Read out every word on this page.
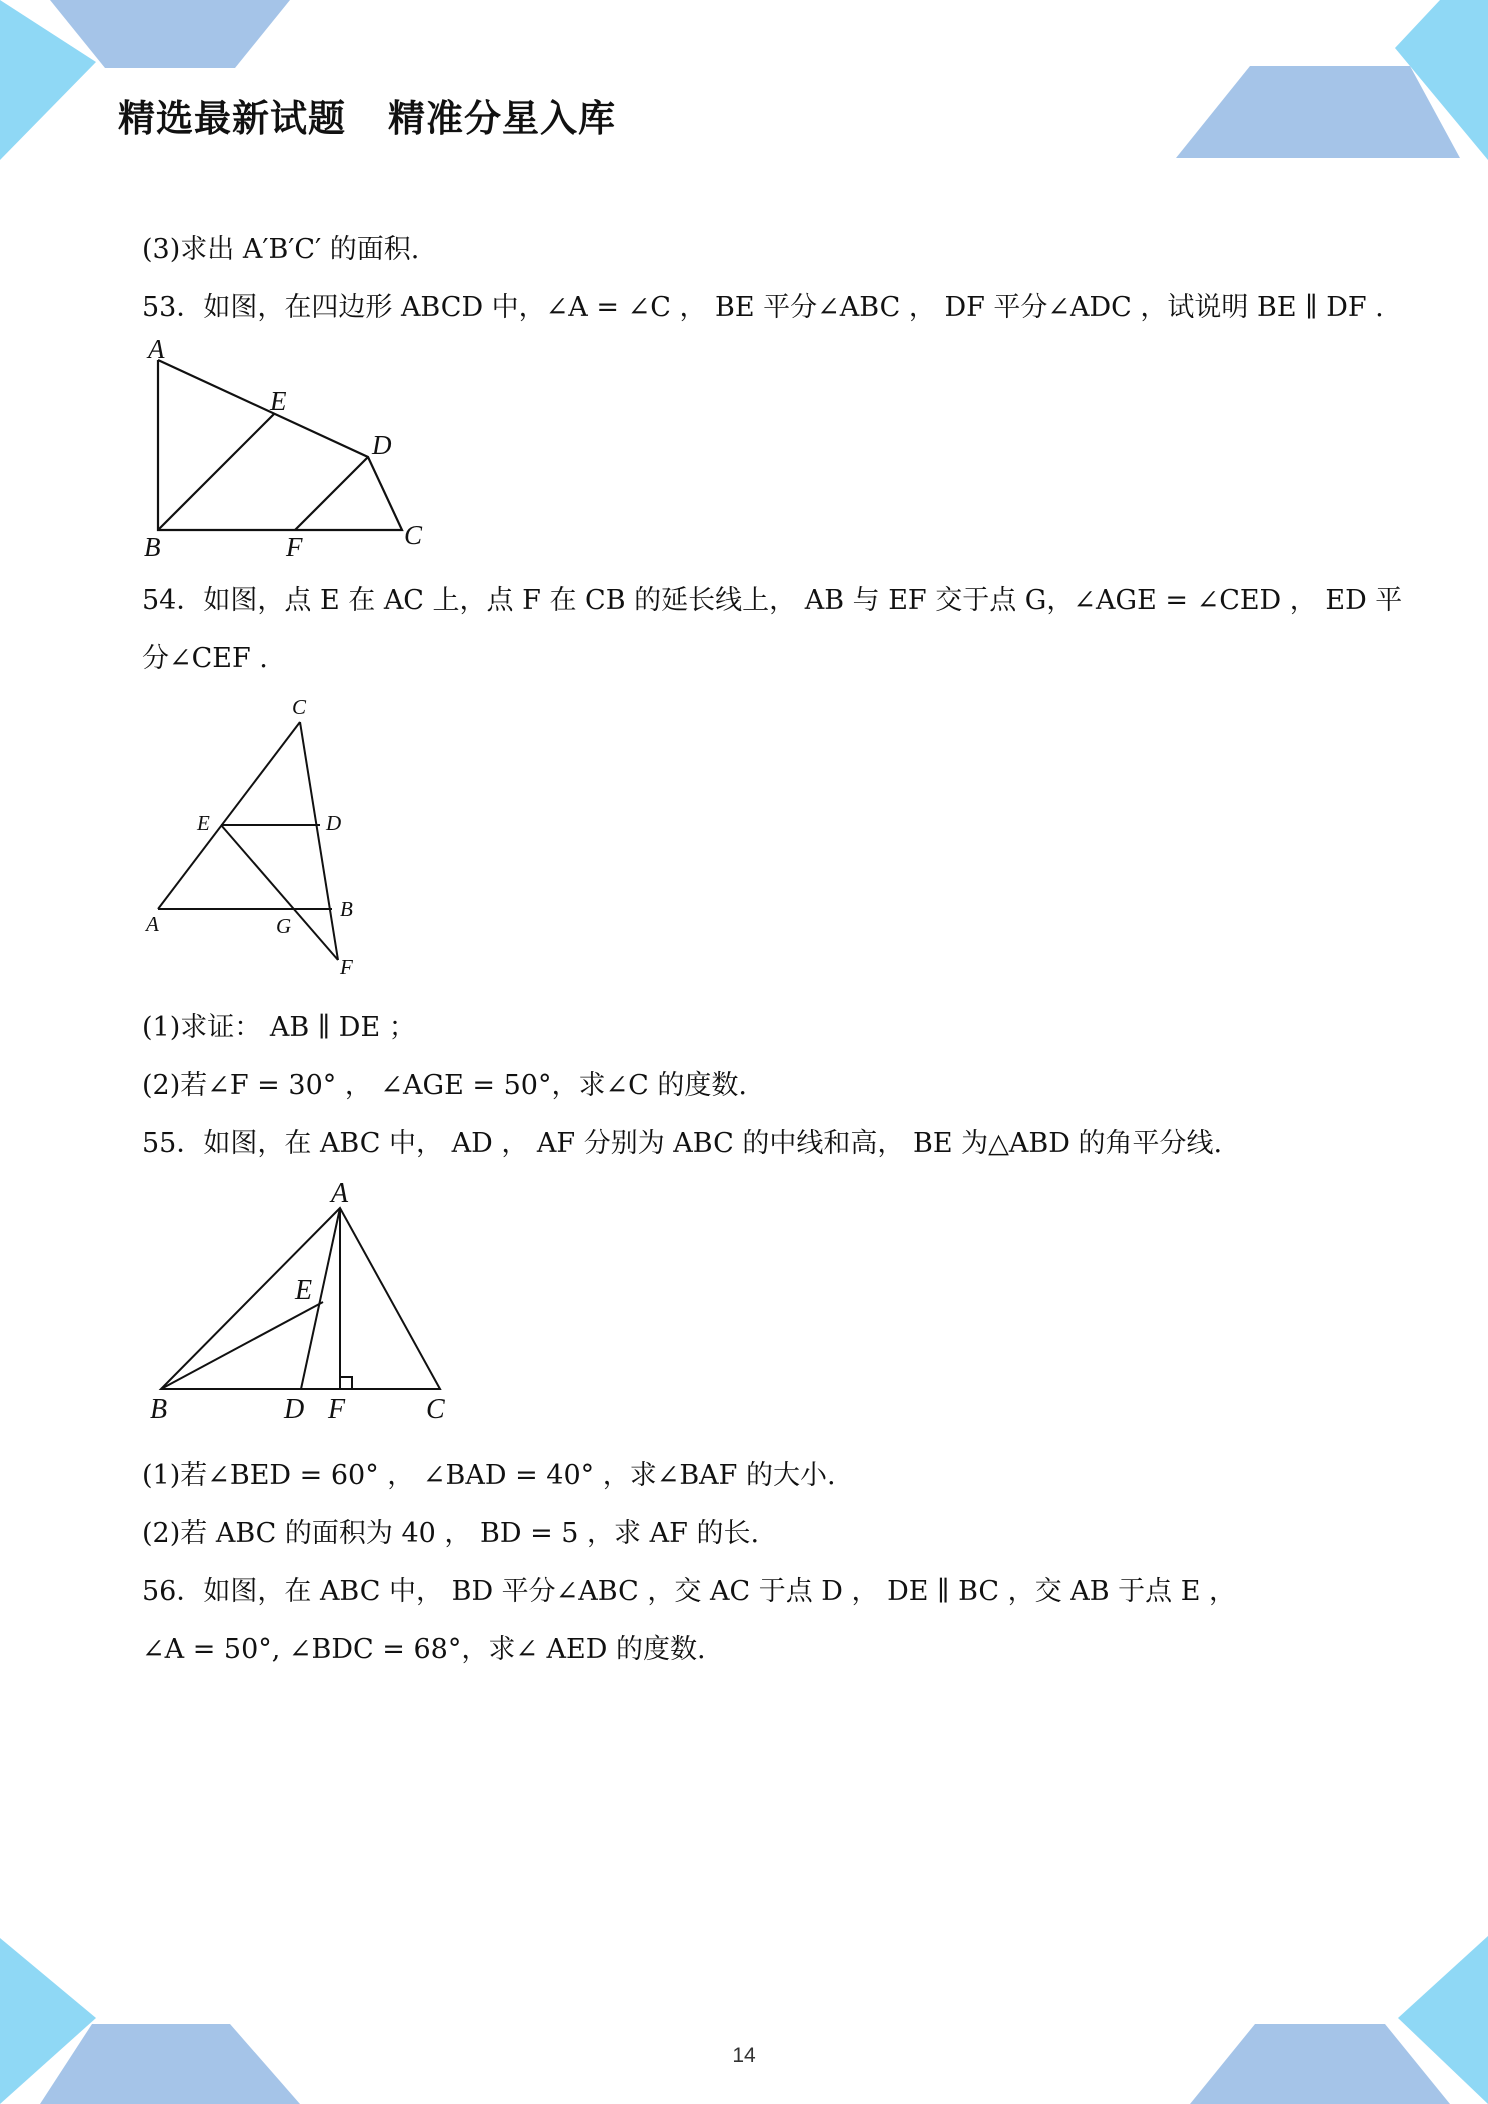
精选最新试题 精准分星入库
(3)求出 A′B′C′ 的面积.
53．如图，在四边形 ABCD 中，∠A = ∠C ， BE 平分∠ABC ， DF 平分∠ADC ，试说明 BE ∥ DF .
A
E
D
B	F	C
54．如图，点 E 在 AC 上，点 F 在 CB 的延长线上， AB 与 EF 交于点 G，∠AGE = ∠CED ， ED 平
分∠CEF .
C
E	D
A	G
B
F
(1)求证： AB ∥ DE ；
(2)若∠F = 30° ， ∠AGE = 50°，求∠C 的度数.
55．如图，在 ABC 中， AD ， AF 分别为 ABC 的中线和高， BE 为△ABD 的角平分线.
A
E
B	D F	C
(1)若∠BED = 60° ， ∠BAD = 40° ，求∠BAF 的大小.
(2)若 ABC 的面积为 40 ， BD = 5 ，求 AF 的长.
56．如图，在 ABC 中， BD 平分∠ABC ，交 AC 于点 D ， DE ∥ BC ，交 AB 于点 E ，
∠A = 50°, ∠BDC = 68°，求∠ AED 的度数.
14
